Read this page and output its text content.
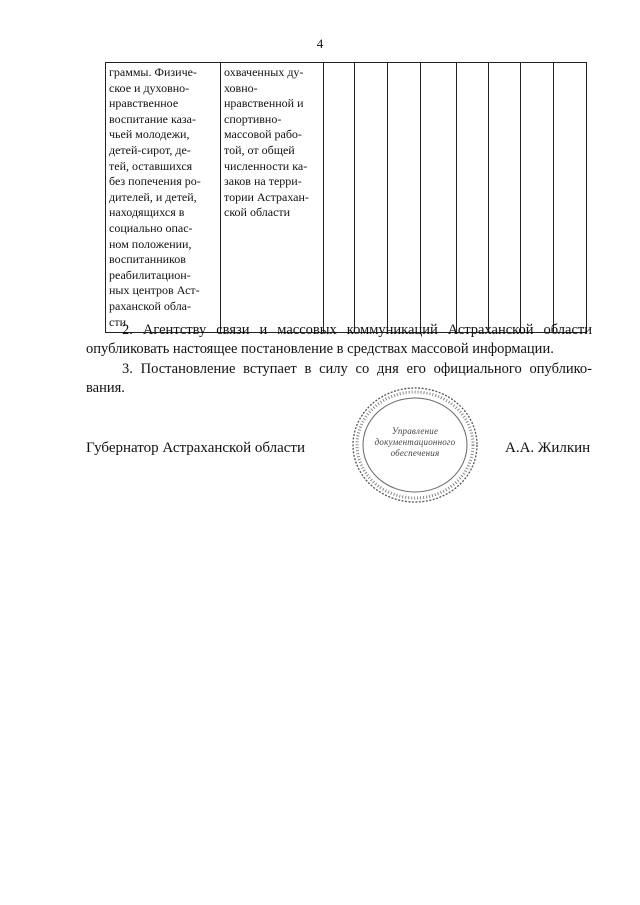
4
граммы. Физиче-
ское и духовно-
нравственное
воспитание каза-
чьей молодежи,
детей-сирот, де-
тей, оставшихся
без попечения ро-
дителей, и детей,
находящихся в
социально опас-
ном положении,
воспитанников
реабилитацион-
ных центров Аст-
раханской обла-
сти

охваченных ду-
ховно-
нравственной и
спортивно-
массовой рабо-
той, от общей
численности ка-
заков на терри-
тории Астрахан-
ской области

2. Агентству связи и массовых коммуникаций Астраханской области
опубликовать настоящее постановление в средствах массовой информации.
3. Постановление вступает в силу со дня его официального опублико-
вания.
Губернатор Астраханской области	А.А. Жилкин
Управление
документационного
обеспечения
